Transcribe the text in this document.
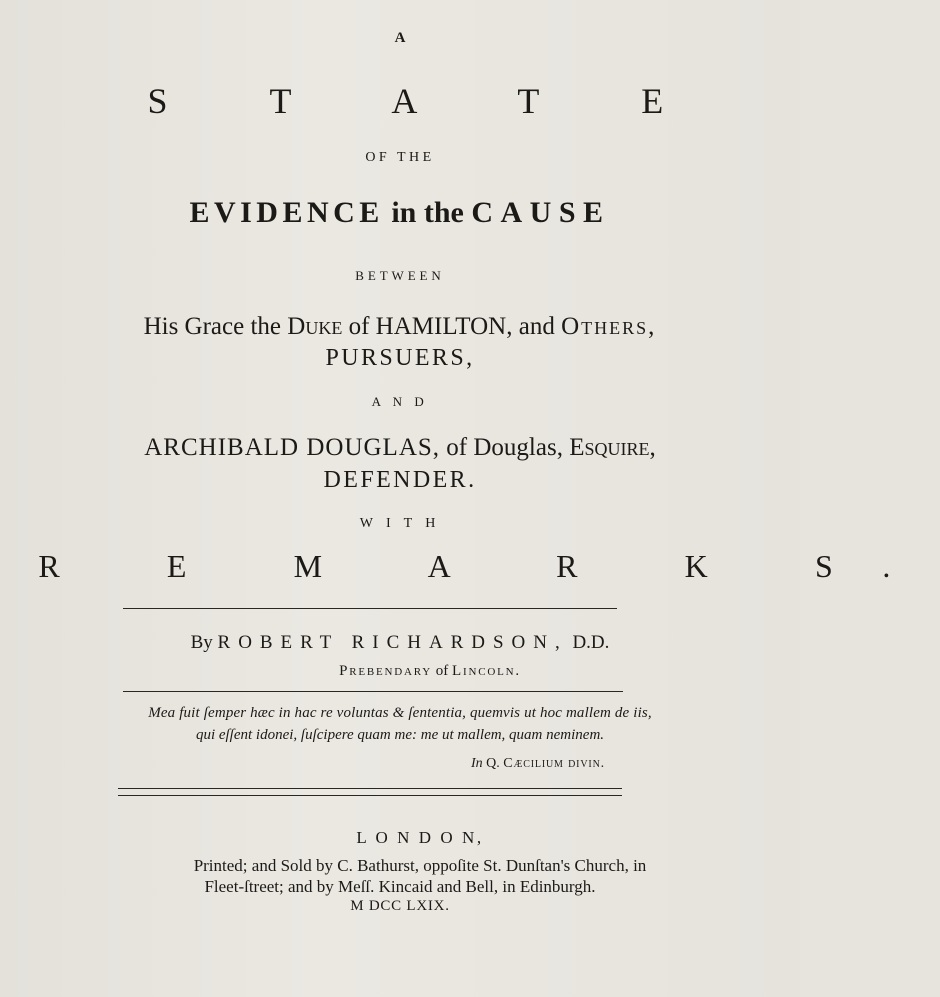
A
S T A T E
OF THE
EVIDENCE in the CAUSE
BETWEEN
His Grace the Duke of HAMILTON, and Others,
PURSUERS,
A N D
ARCHIBALD DOUGLAS, of Douglas, Esquire,
DEFENDER.
W I T H
R E M A R K S.
By ROBERT RICHARDSON, D.D.
Prebendary of Lincoln.
Mea fuit ſemper hæc in hac re voluntas & ſententia, quemvis ut hoc mallem de iis,
qui eſſent idonei, ſuſcipere quam me: me ut mallem, quam neminem.
In Q. Cæcilium divin.
L O N D O N,
Printed; and Sold by C. Bathurst, oppoſite St. Dunſtan's Church, in
Fleet-ſtreet; and by Meſſ. Kincaid and Bell, in Edinburgh.
M DCC LXIX.
